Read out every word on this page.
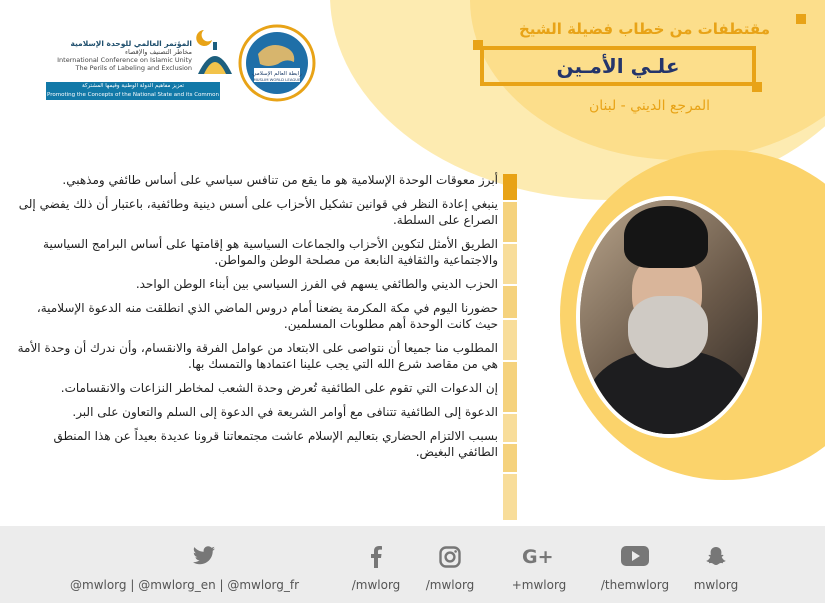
المؤتمر العالمي للوحدة الإسلامية
مخاطر التصنيف والإقصاء
International Conference on Islamic Unity
The Perils of Labeling and Exclusion
تعزيز مفاهيم الدولة الوطنية وقيمها المشتركة
Promoting the Concepts of the National State and its Common Values
رابطة العالم الإسلامي
MUSLIM WORLD LEAGUE
مقتطفات من خطاب فضيلة الشيخ
علـي الأمـين
المرجع الديني - لبنان

أبرز معوقات الوحدة الإسلامية هو ما يقع من تنافس سياسي على أساس طائفي ومذهبي.

ينبغي إعادة النظر في قوانين تشكيل الأحزاب على أسس دينية وطائفية، باعتبار أن ذلك يفضي إلى الصراع على السلطة.

الطريق الأمثل لتكوين الأحزاب والجماعات السياسية هو إقامتها على أساس البرامج السياسية والاجتماعية والثقافية النابعة من مصلحة الوطن والمواطن.

الحزب الديني والطائفي يسهم في الفرز السياسي بين أبناء الوطن الواحد.

حضورنا اليوم في مكة المكرمة يضعنا أمام دروس الماضي الذي انطلقت منه الدعوة الإسلامية، حيث كانت الوحدة أهم مطلوبات المسلمين.

المطلوب منا جميعا أن نتواصى على الابتعاد من عوامل الفرقة والانقسام، وأن ندرك أن وحدة الأمة هي من مقاصد شرع الله التي يجب علينا اعتمادها والتمسك بها.

إن الدعوات التي تقوم على الطائفية تُعرض وحدة الشعب لمخاطر النزاعات والانقسامات.

الدعوة إلى الطائفية تتنافى مع أوامر الشريعة في الدعوة إلى السلم والتعاون على البر.

بسبب الالتزام الحضاري بتعاليم الإسلام عاشت مجتمعاتنا قرونا عديدة بعيداً عن هذا المنطق الطائفي البغيض.

@mwlorg | @mwlorg_en | @mwlorg_fr	/mwlorg	/mwlorg
G+
+mwlorg	/themwlorg	mwlorg
